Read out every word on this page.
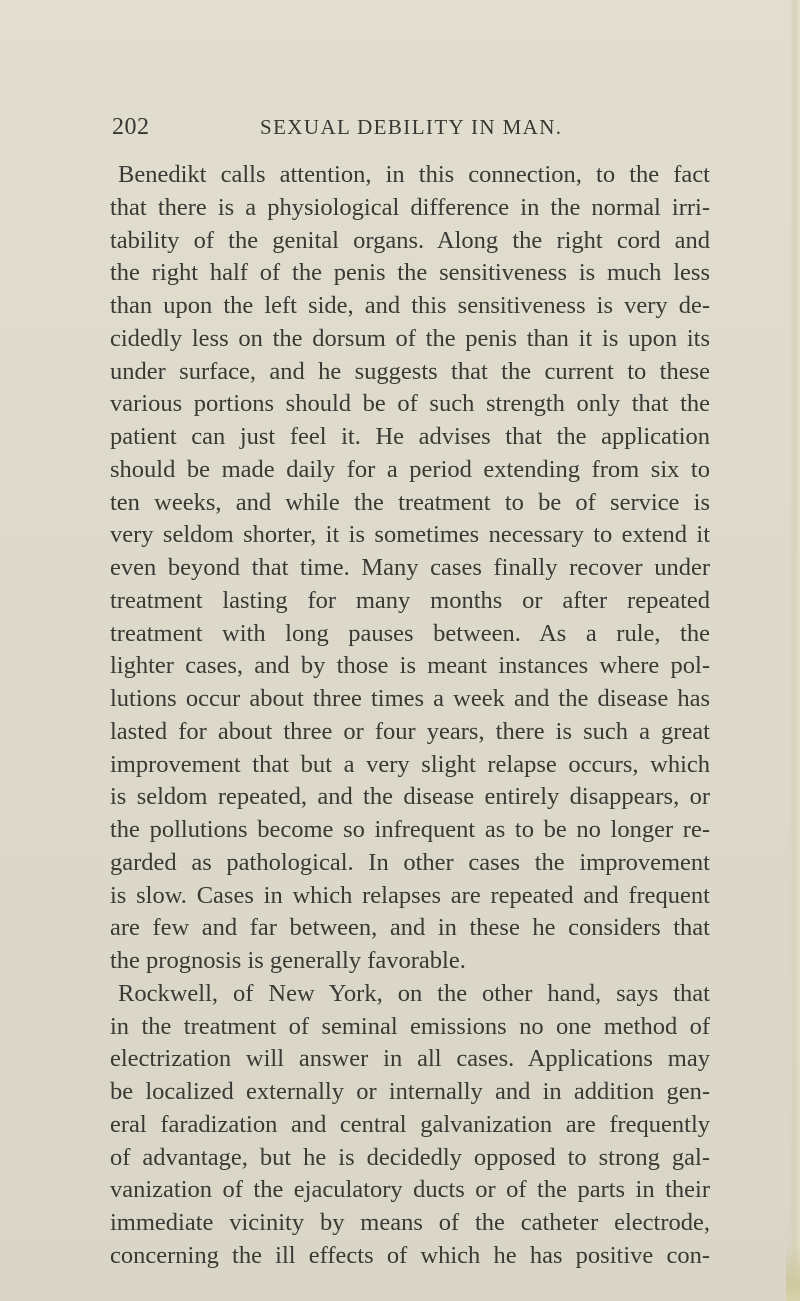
202	SEXUAL DEBILITY IN MAN.
Benedikt calls attention, in this connection, to the fact
that there is a physiological difference in the normal irri-
tability of the genital organs. Along the right cord and
the right half of the penis the sensitiveness is much less
than upon the left side, and this sensitiveness is very de-
cidedly less on the dorsum of the penis than it is upon its
under surface, and he suggests that the current to these
various portions should be of such strength only that the
patient can just feel it. He advises that the application
should be made daily for a period extending from six to
ten weeks, and while the treatment to be of service is
very seldom shorter, it is sometimes necessary to extend it
even beyond that time. Many cases finally recover under
treatment lasting for many months or after repeated
treatment with long pauses between. As a rule, the
lighter cases, and by those is meant instances where pol-
lutions occur about three times a week and the disease has
lasted for about three or four years, there is such a great
improvement that but a very slight relapse occurs, which
is seldom repeated, and the disease entirely disappears, or
the pollutions become so infrequent as to be no longer re-
garded as pathological. In other cases the improvement
is slow. Cases in which relapses are repeated and frequent
are few and far between, and in these he considers that
the prognosis is generally favorable.
Rockwell, of New York, on the other hand, says that
in the treatment of seminal emissions no one method of
electrization will answer in all cases. Applications may
be localized externally or internally and in addition gen-
eral faradization and central galvanization are frequently
of advantage, but he is decidedly opposed to strong gal-
vanization of the ejaculatory ducts or of the parts in their
immediate vicinity by means of the catheter electrode,
concerning the ill effects of which he has positive con-
